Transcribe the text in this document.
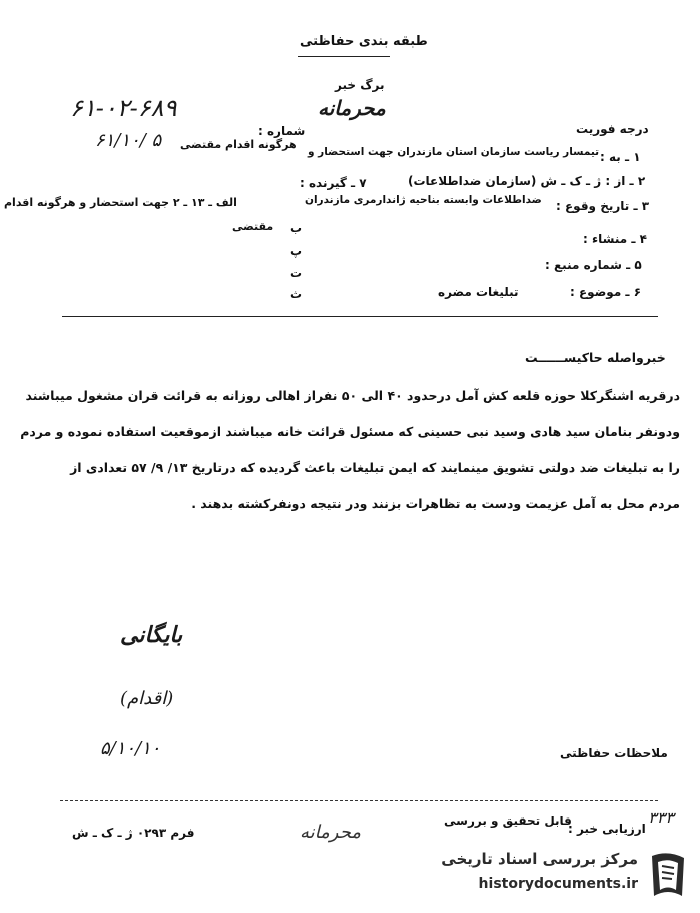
طبقه بندی حفاظتی
برگ خبر
محرمانه
۶۱-۰۲-۶۸۹
۶۱/۱۰/ ۵
درجه فوریت
شماره :
هرگونه اقدام مقتضی
۱ ـ به :
تیمسار ریاست سازمان استان مازندران جهت استحضار و
۲ ـ از : ژ ـ ک ـ ش (سازمان ضداطلاعات)
۷ ـ گیرنده :
۳ ـ تاریخ وقوع :
ضداطلاعات وابسته بناحیه ژاندارمری مازندران
الف ـ ۱۳ ـ ۲ جهت استحضار و هرگونه اقدام
مقتضی
۴ ـ منشاء :
ب
۵ ـ شماره منبع :
پ
ت
۶ ـ موضوع :
تبلیغات مضره
ث
خبرواصله حاکیســــــت
درقریه اشنگرکلا حوزه قلعه کش آمل درحدود ۴۰ الی ۵۰ نفراز اهالی روزانه به قرائت قران مشغول میباشند
ودونفر بنامان سید هادی وسید نبی حسینی که مسئول قرائت خانه میباشند ازموقعیت استفاده نموده و مردم
را به تبلیغات ضد دولتی تشویق مینمایند که ایمن تبلیغات باعث گردیده که درتاریخ ۱۳/ ۹/ ۵۷ تعدادی از
مردم محل به آمل عزیمت ودست به تظاهرات بزنند ودر نتیجه دونفرکشته بدهند .
بایگانی
(اقدام)
۵/۱۰/۱۰	ملاحظات حفاظتی
قابل تحقیق و بررسی
ارزیابی خبر :
۳۳۳
فرم ۰۲۹۳ ژ ـ ک ـ ش	محرمانه
مرکز بررسی اسناد تاریخی
historydocuments.ir
